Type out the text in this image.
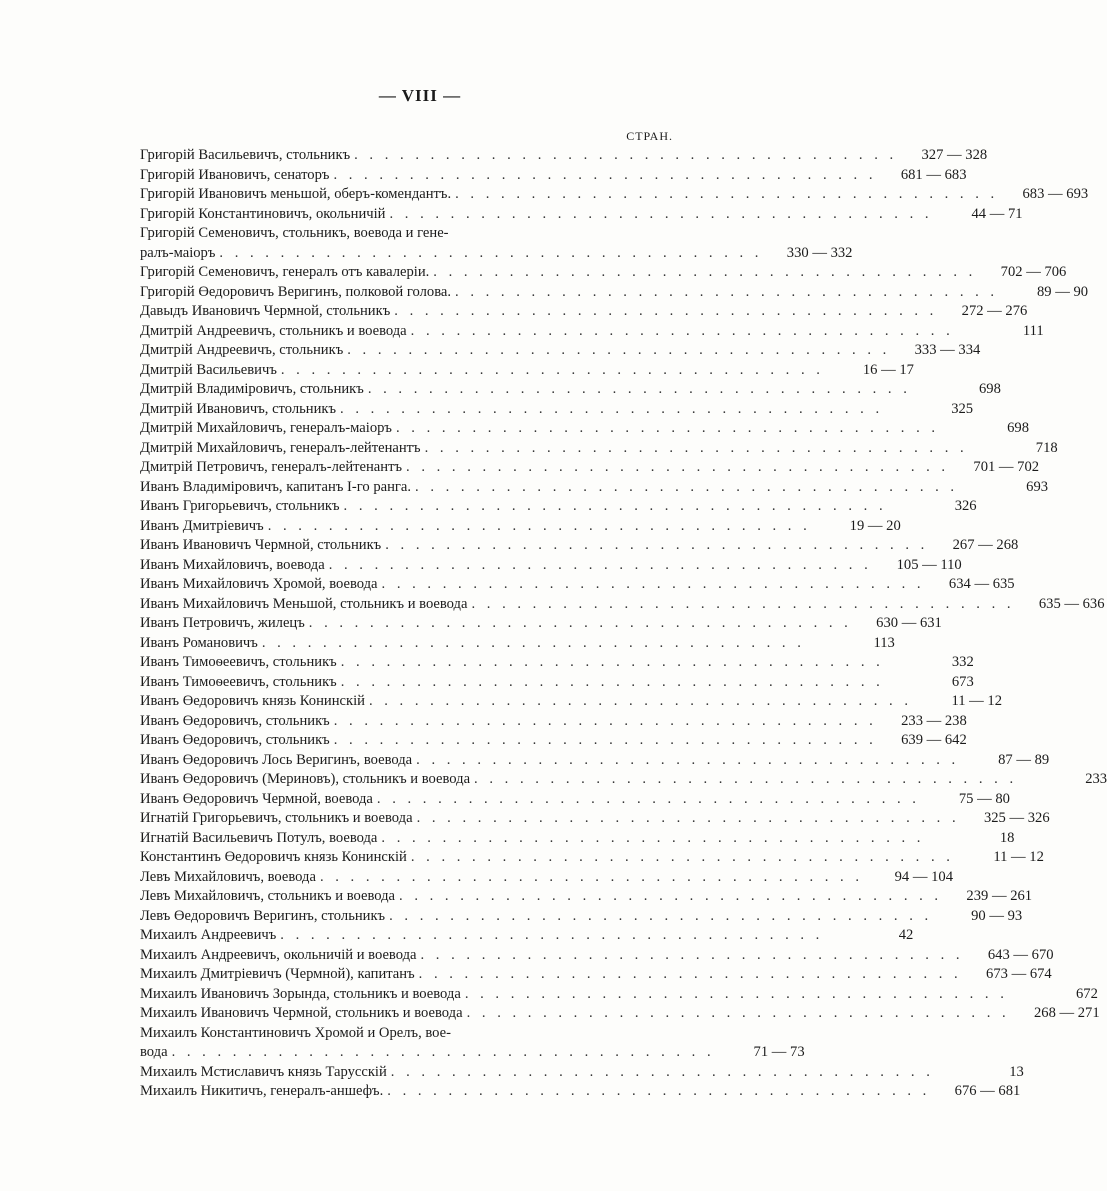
— VIII —
СТРАН.
Григорій Васильевичъ, стольникъ . . . . . . . . . . . . . . . . . . . . . . . . . . . . . . . . . . . .	327 — 328
Григорій Ивановичъ, сенаторъ . . . . . . . . . . . . . . . . . . . . . . . . . . . . . . . . . . . .	681 — 683
Григорій Ивановичъ меньшой, оберъ-комендантъ. . . . . . . . . . . . . . . . . . . . . . . . . . . . . . . . . . . . .	683 — 693
Григорій Константиновичъ, окольничій . . . . . . . . . . . . . . . . . . . . . . . . . . . . . . . . . . . .	44 — 71
Григорій Семеновичъ, стольникъ, воевода и гене-
ралъ-маіоръ . . . . . . . . . . . . . . . . . . . . . . . . . . . . . . . . . . . .	330 — 332
Григорій Семеновичъ, генералъ отъ кавалеріи. . . . . . . . . . . . . . . . . . . . . . . . . . . . . . . . . . . . .	702 — 706
Григорій Өедоровичъ Веригинъ, полковой голова. . . . . . . . . . . . . . . . . . . . . . . . . . . . . . . . . . . . .	89 — 90
Давыдъ Ивановичъ Чермной, стольникъ . . . . . . . . . . . . . . . . . . . . . . . . . . . . . . . . . . . .	272 — 276
Дмитрій Андреевичъ, стольникъ и воевода . . . . . . . . . . . . . . . . . . . . . . . . . . . . . . . . . . . .	111
Дмитрій Андреевичъ, стольникъ . . . . . . . . . . . . . . . . . . . . . . . . . . . . . . . . . . . .	333 — 334
Дмитрій Васильевичъ . . . . . . . . . . . . . . . . . . . . . . . . . . . . . . . . . . . .	16 — 17
Дмитрій Владиміровичъ, стольникъ . . . . . . . . . . . . . . . . . . . . . . . . . . . . . . . . . . . .	698
Дмитрій Ивановичъ, стольникъ . . . . . . . . . . . . . . . . . . . . . . . . . . . . . . . . . . . .	325
Дмитрій Михайловичъ, генералъ-маіоръ . . . . . . . . . . . . . . . . . . . . . . . . . . . . . . . . . . . .	698
Дмитрій Михайловичъ, генералъ-лейтенантъ . . . . . . . . . . . . . . . . . . . . . . . . . . . . . . . . . . . .	718
Дмитрій Петровичъ, генералъ-лейтенантъ . . . . . . . . . . . . . . . . . . . . . . . . . . . . . . . . . . . .	701 — 702
Иванъ Владиміровичъ, капитанъ I-го ранга. . . . . . . . . . . . . . . . . . . . . . . . . . . . . . . . . . . . .	693
Иванъ Григорьевичъ, стольникъ . . . . . . . . . . . . . . . . . . . . . . . . . . . . . . . . . . . .	326
Иванъ Дмитріевичъ . . . . . . . . . . . . . . . . . . . . . . . . . . . . . . . . . . . .	19 — 20
Иванъ Ивановичъ Чермной, стольникъ . . . . . . . . . . . . . . . . . . . . . . . . . . . . . . . . . . . .	267 — 268
Иванъ Михайловичъ, воевода . . . . . . . . . . . . . . . . . . . . . . . . . . . . . . . . . . . .	105 — 110
Иванъ Михайловичъ Хромой, воевода . . . . . . . . . . . . . . . . . . . . . . . . . . . . . . . . . . . .	634 — 635
Иванъ Михайловичъ Меньшой, стольникъ и воевода . . . . . . . . . . . . . . . . . . . . . . . . . . . . . . . . . . . .	635 — 636
Иванъ Петровичъ, жилецъ . . . . . . . . . . . . . . . . . . . . . . . . . . . . . . . . . . . .	630 — 631
Иванъ Романовичъ . . . . . . . . . . . . . . . . . . . . . . . . . . . . . . . . . . . .	113
Иванъ Тимоѳеевичъ, стольникъ . . . . . . . . . . . . . . . . . . . . . . . . . . . . . . . . . . . .	332
Иванъ Тимоѳеевичъ, стольникъ . . . . . . . . . . . . . . . . . . . . . . . . . . . . . . . . . . . .	673
Иванъ Өедоровичъ князь Конинскій . . . . . . . . . . . . . . . . . . . . . . . . . . . . . . . . . . . .	11 — 12
Иванъ Өедоровичъ, стольникъ . . . . . . . . . . . . . . . . . . . . . . . . . . . . . . . . . . . .	233 — 238
Иванъ Өедоровичъ, стольникъ . . . . . . . . . . . . . . . . . . . . . . . . . . . . . . . . . . . .	639 — 642
Иванъ Өедоровичъ Лось Веригинъ, воевода . . . . . . . . . . . . . . . . . . . . . . . . . . . . . . . . . . . .	87 — 89
Иванъ Өедоровичъ (Мериновъ), стольникъ и воевода . . . . . . . . . . . . . . . . . . . . . . . . . . . . . . . . . . . .	233
Иванъ Өедоровичъ Чермной, воевода . . . . . . . . . . . . . . . . . . . . . . . . . . . . . . . . . . . .	75 — 80
Игнатій Григорьевичъ, стольникъ и воевода . . . . . . . . . . . . . . . . . . . . . . . . . . . . . . . . . . . .	325 — 326
Игнатій Васильевичъ Потулъ, воевода . . . . . . . . . . . . . . . . . . . . . . . . . . . . . . . . . . . .	18
Константинъ Өедоровичъ князь Конинскій . . . . . . . . . . . . . . . . . . . . . . . . . . . . . . . . . . . .	11 — 12
Левъ Михайловичъ, воевода . . . . . . . . . . . . . . . . . . . . . . . . . . . . . . . . . . . .	94 — 104
Левъ Михайловичъ, стольникъ и воевода . . . . . . . . . . . . . . . . . . . . . . . . . . . . . . . . . . . .	239 — 261
Левъ Өедоровичъ Веригинъ, стольникъ . . . . . . . . . . . . . . . . . . . . . . . . . . . . . . . . . . . .	90 — 93
Михаилъ Андреевичъ . . . . . . . . . . . . . . . . . . . . . . . . . . . . . . . . . . . .	42
Михаилъ Андреевичъ, окольничій и воевода . . . . . . . . . . . . . . . . . . . . . . . . . . . . . . . . . . . .	643 — 670
Михаилъ Дмитріевичъ (Чермной), капитанъ . . . . . . . . . . . . . . . . . . . . . . . . . . . . . . . . . . . .	673 — 674
Михаилъ Ивановичъ Зорында, стольникъ и воевода . . . . . . . . . . . . . . . . . . . . . . . . . . . . . . . . . . . .	672
Михаилъ Ивановичъ Чермной, стольникъ и воевода . . . . . . . . . . . . . . . . . . . . . . . . . . . . . . . . . . . .	268 — 271
Михаилъ Константиновичъ Хромой и Орелъ, вое-
вода . . . . . . . . . . . . . . . . . . . . . . . . . . . . . . . . . . . .	71 — 73
Михаилъ Мстиславичъ князь Тарусскій . . . . . . . . . . . . . . . . . . . . . . . . . . . . . . . . . . . .	13
Михаилъ Никитичъ, генералъ-аншефъ. . . . . . . . . . . . . . . . . . . . . . . . . . . . . . . . . . . . .	676 — 681
